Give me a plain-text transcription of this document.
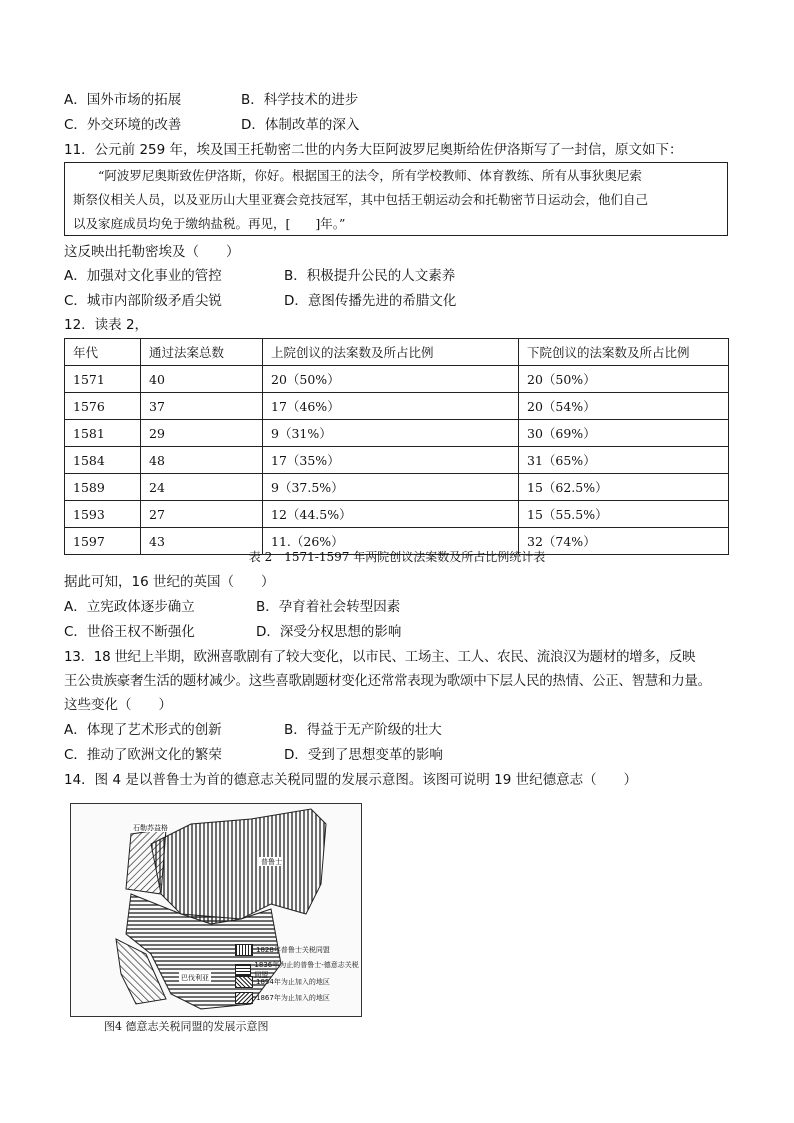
A．国外市场的拓展	B．科学技术的进步
C．外交环境的改善	D．体制改革的深入
11．公元前 259 年，埃及国王托勒密二世的内务大臣阿波罗尼奥斯给佐伊洛斯写了一封信，原文如下：

“阿波罗尼奥斯致佐伊洛斯，你好。根据国王的法令，所有学校教师、体育教练、所有从事狄奥尼索

斯祭仪相关人员，以及亚历山大里亚赛会竞技冠军，其中包括王朝运动会和托勒密节日运动会，他们自己

以及家庭成员均免于缴纳盐税。再见，[　　]年。”

这反映出托勒密埃及（　　）
A．加强对文化事业的管控	B．积极提升公民的人文素养
C．城市内部阶级矛盾尖锐	D．意图传播先进的希腊文化
12．读表 2，
年代	通过法案总数	上院创议的法案数及所占比例	下院创议的法案数及所占比例
1571	40	20（50%）	20（50%）
1576	37	17（46%）	20（54%）
1581	29	9（31%）	30（69%）
1584	48	17（35%）	31（65%）
1589	24	9（37.5%）	15（62.5%）
1593	27	12（44.5%）	15（55.5%）
1597	43	11.（26%）	32（74%）
表 2　1571-1597 年两院创议法案数及所占比例统计表
据此可知，16 世纪的英国（　　）
A．立宪政体逐步确立	B．孕育着社会转型因素
C．世俗王权不断强化	D．深受分权思想的影响
13．18 世纪上半期，欧洲喜歌剧有了较大变化，以市民、工场主、工人、农民、流浪汉为题材的增多，反映
王公贵族豪奢生活的题材减少。这些喜歌剧题材变化还常常表现为歌颂中下层人民的热情、公正、智慧和力量。
这些变化（　　）
A．体现了艺术形式的创新	B．得益于无产阶级的壮大
C．推动了欧洲文化的繁荣	D．受到了思想变革的影响
14．图 4 是以普鲁士为首的德意志关税同盟的发展示意图。该图可说明 19 世纪德意志（　　）
石勒苏益格
普鲁士
巴伐利亚
1828年普鲁士关税同盟
1836年为止的普鲁士-德意志关税同盟
1854年为止加入的地区
1867年为止加入的地区
图4 德意志关税同盟的发展示意图
